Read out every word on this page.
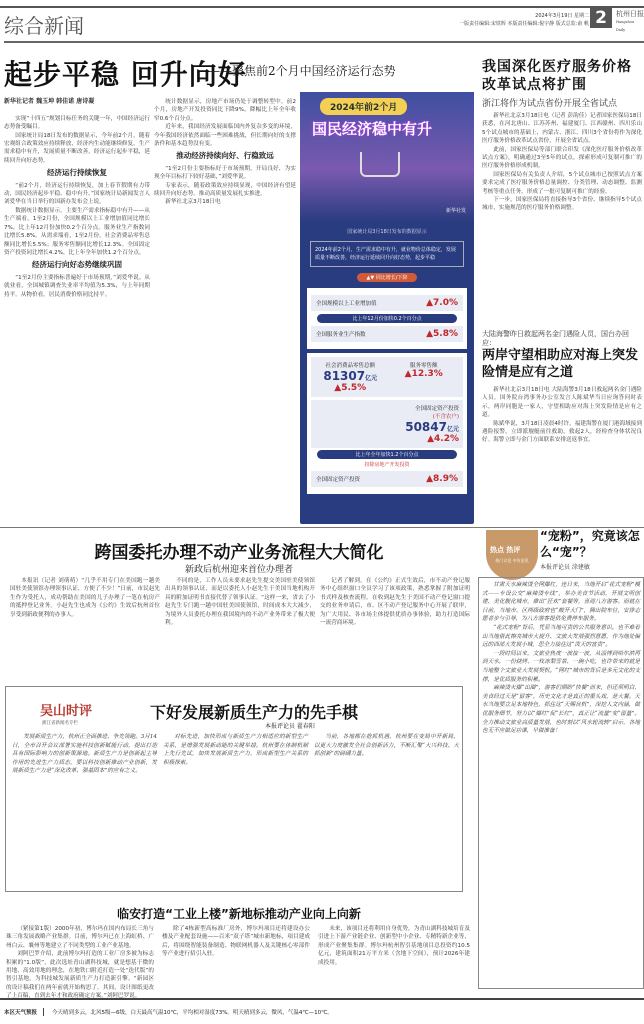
综合新闻	2024年3月19日 星期二
一版责任编辑:宋铁辉 本版责任编辑:倪宇静 版式总监:俞 帆 2	杭州日报
Hangzhou Daily
起步平稳 回升向好
——聚焦前2个月中国经济运行态势
新华社记者 魏玉坤 韩佳诺 唐诗凝

实现“十四五”规划目标任务的关键一年，中国经济运行态势备受瞩目。

国家统计局18日发布的数据显示，今年前2个月，随着宏观组合政策效应持续释放，经济内生动能继续修复，生产需求稳中有升，发展质量不断改善，经济运行起步平稳，延续回升向好态势。

经济运行持续恢复

“前2个月，经济运行持续恢复，加上春节假期有力带动，国民经济起步平稳、稳中有升。”国家统计局新闻发言人刘爱华在当日举行的国新办发布会上说。

数据统计数据显示，主要生产需求指标稳中有升——从生产端看，1至2月份，全国规模以上工业增加值同比增长7%，比上年12月份加快0.2个百分点。服务业生产指数同比增长5.8%。从需求端看，1至2月份，社会消费品零售总额同比增长5.5%；服务零售额同比增长12.3%。全国固定资产投资同比增长4.2%，比上年全年加快1.2个百分点。

经济运行向好态势继续巩固

“1至2月份主要指标普遍好于市场预期，”刘爱华说。从就业看，全国城镇调查失业率平均值为5.3%，与上年同期持平。从物价看，居民消费价格同比持平。

统计数据显示，房地产市场仍处于调整转型中。前2个月，房地产开发投资同比下降9%，降幅比上年全年收窄0.6个百分点。

近年来，我国经济发展面临国内外复杂多变的环境，今年我国经济依然面临一些困难挑战，但长期向好的支撑条件和基本趋势没有变。

推动经济持续向好、行稳致远

“1至2月份主要指标好于市场预期，开局良好，为实现全年目标打下较好基础，”刘爱华说。

专家表示，随着政策效应持续显现，中国经济有望延续回升向好态势，推动高质量发展扎实推进。

新华社北京3月18日电

2024年前2个月
国民经济稳中有升
新华社发
国家统计局3月18日发布的数据显示
2024年前2个月，生产需求稳中有升，就业物价总体稳定，发展质量不断改善，经济运行延续回升向好态势，起步平稳
▲▼ 同比增长/下降
全国规模以上工业增加值	▲7.0%
比上年12月份加快0.2个百分点
全国服务业生产指数	▲5.8%
社会消费品零售总额
81307亿元
▲5.5%
服务零售额
▲12.3%
全国固定资产投资
(不含农户)
50847亿元
▲4.2%
比上年全年加快1.2个百分点
扣除房地产开发投资
全国固定资产投资	▲8.9%
我国深化医疗服务价格改革试点将扩围
浙江将作为试点省份开展全省试点

新华社北京3月18日电（记者 彭韵佳）记者国家医保局18日获悉，在河北唐山、江苏苏州、福建厦门、江西赣州、四川乐山5个试点城市的基础上，内蒙古、浙江、四川3个省份将作为深化医疗服务价格改革试点省份，开展全省试点。

此前，国家医保局等部门联合印发《深化医疗服务价格改革试点方案》，明确通过3至5年的试点，探索形成可复制可推广的医疗服务价格形成机制。

国家医保局有关负责人介绍，5个试点城市已按照试点方案要求完成了医疗服务价格总量调控、分类管理、动态调整、监测考核等重点任务，形成了一批可复制可推广的经验。

下一步，国家医保局将直接指导3个省份、继续指导5个试点城市，实施规范的医疗服务价格调整。

大陆海警昨日救起两名金门遇险人员，国台办回应：
两岸守望相助应对海上突发险情是应有之道

新华社北京3月18日电 大陆海警3月18日救起两名金门遇险人员。国务院台湾事务办公室发言人陈斌华当日应询答问时表示，两岸同胞是一家人，守望相助应对海上突发险情是应有之道。

陈斌华说，3月18日凌晨4时许，福建海警在厦门港海域接到遇险报警，立即派舰艇前往救助，救起2人，经检查身体状况良好。海警立即与金门方面联系安排送返事宜。

跨国委托办理不动产业务流程大大简化
新政后杭州迎来首位办理者

本报讯（记者 刘萌萌）“几乎不用专门在美国跑一趟美国驻美使领馆办理领事认证，方便了不少！”日前，市民赵先生作为受托人，成功帮助在美国的儿子办理了一笔在杭房产的抵押登记业务。小赵先生也成为《公约》生效后杭州首位享受到新政便利的办事人。

不同的是，工作人员未要求赵先生提交美国驻美使领馆出具的领事认证，而是以委托人小赵先生于美国当地机构开具的附加证明书直接代替了领事认证。“这样一来，省去了小赵先生专门跑一趟中国驻美国使领馆，时间成本大大减少，为境外人员委托办理在我国境内的不动产业务带来了极大便利。

记者了解到，在《公约》正式生效后，市不动产登记服务中心组织窗口全员学习了该项政策，熟悉掌握了附加证明书式样及核查流程。在收到赵先生于美国不动产登记窗口提交的业务申请后，市、区不动产登记服务中心开展了联审，为广大用民、各市场主体提供优质办事体验，助力打造国际一流营商环境。

吴山时评
浙江省新闻名专栏
下好发展新质生产力的先手棋
本报评论员 翟春阳

发展新质生产力，杭州正全面推进、争先领跑。3月14日，全市召开会议部署实施科技创新赋能行动，提出打造具有国际影响力的创新策源地。新质生产力是创新起主导作用的先进生产力质态，要以科技创新推动产业创新，发展新质生产力是“深化改革、强基固本”的应有之义。

对标先进，加快形成与新质生产力相适应的新型生产关系，是增强发展新动能的关键举措。杭州要在体制机制上先行先试，加快发展新质生产力，形成新型生产关系的积极探索。

当前，各地都在抢抓机遇，杭州要在变局中开新局，以更大力度激发全社会创新活力，不断汇聚“大兴科技、大抓创新”的磅礴力量。

临安打造“工业上楼”新地标推动产业向上向新

（紧接第1版）2000年初，博尔玛在国内布局长三角与珠三角发展战略产业集群。目前，博尔玛已在上海虹桥、广州白云、襄州等地建立了不同类型的工业产业基地。

刘阿巴罗介绍，此前博尔玛打造的工业厂房多被为标志积累的“1.0版”，此次选址青山湖科技城，就是想基于微的用地、高效用地的理念，在地铁口附近打造一处“迭代版”的智引基地，为科技城发展新质生产力打造新引擎。“新园区的设计稿我们在两年前就开始构思了，其间，设计图纸更改了上百稿，直到去年才和政府确定方案，”刘阿巴罗说。

除了4栋新型高标准厂房外，博尔玛项目还将建设办公楼及产业配套设施——百米“双子塔”城市新地标，项目建成后，将围绕智能装备制造、物联网机器人及关键核心零部件等产业进行招引入驻。

未来，该项目还将利用自身优势，为青山湖科技城培育及引进上下游产业链企业、创新型中小企业、专精特新企业等，形成产业聚集集群。博尔玛杭州智引基地项目总投资约10.5亿元，建筑面积21万平方米（含地下空间），预计2026年建成投用。

热点 热评
热门议论 中肯意见
“宠粉”，究竟该怎么“宠”？
本报评论员 涂建敏

甘肃天水麻辣烫全网爆红，连日来，当地开启“花式宠粉”模式——专设公交“麻辣烫专线”，举办美食节活动，开展文明创建、美化靓化城市，推出“狂欢”套餐等，喜迎八方游客。而就在日前，当地市、区两级政府也“敞开大门”，腾出院车位，安排志愿者步与引导，为八方游客提供免费停车服务。

“花式宠粉”背后，凭显当地可贵的公共服务意识。也不难看出当地借此擦亮城市大提升、文旅大发展强烈意愿，作为地处偏远的西部大发展小城，思全力接住这“泼天的富贵”。

一段时间以来，文旅业热度一波接一波，从淄博到哈尔滨再到天水，一份烧烤、一枚冻梨雪景、一碗小吃，也许带来的就是当地整个文旅业大发展契机。“网红”城市的背后是多元文化的支撑，是优质服务的积累。

麻辣烫火爆“出圈”，游客们期盼“快餐”而来，但还须明白，美食经过天是“留客”，历史文化才是真正的重头戏，是大餐。天水当地要立足本地特色，抓住这“天赐良机”，深挖人文内涵，做优服务细节，努力以“爆红”促“长红”，真正让“流量”变“留量”。全力推动文旅业高质量发展，也时刻以“风水轮流转”启示，各地也无不应做足功课，早做准备！

本区天气预报	今天晴到多云，北风5级—6级，白天最高气温10℃，平均相对湿度73%。明天晴到多云，微风，气温4℃—10℃。
